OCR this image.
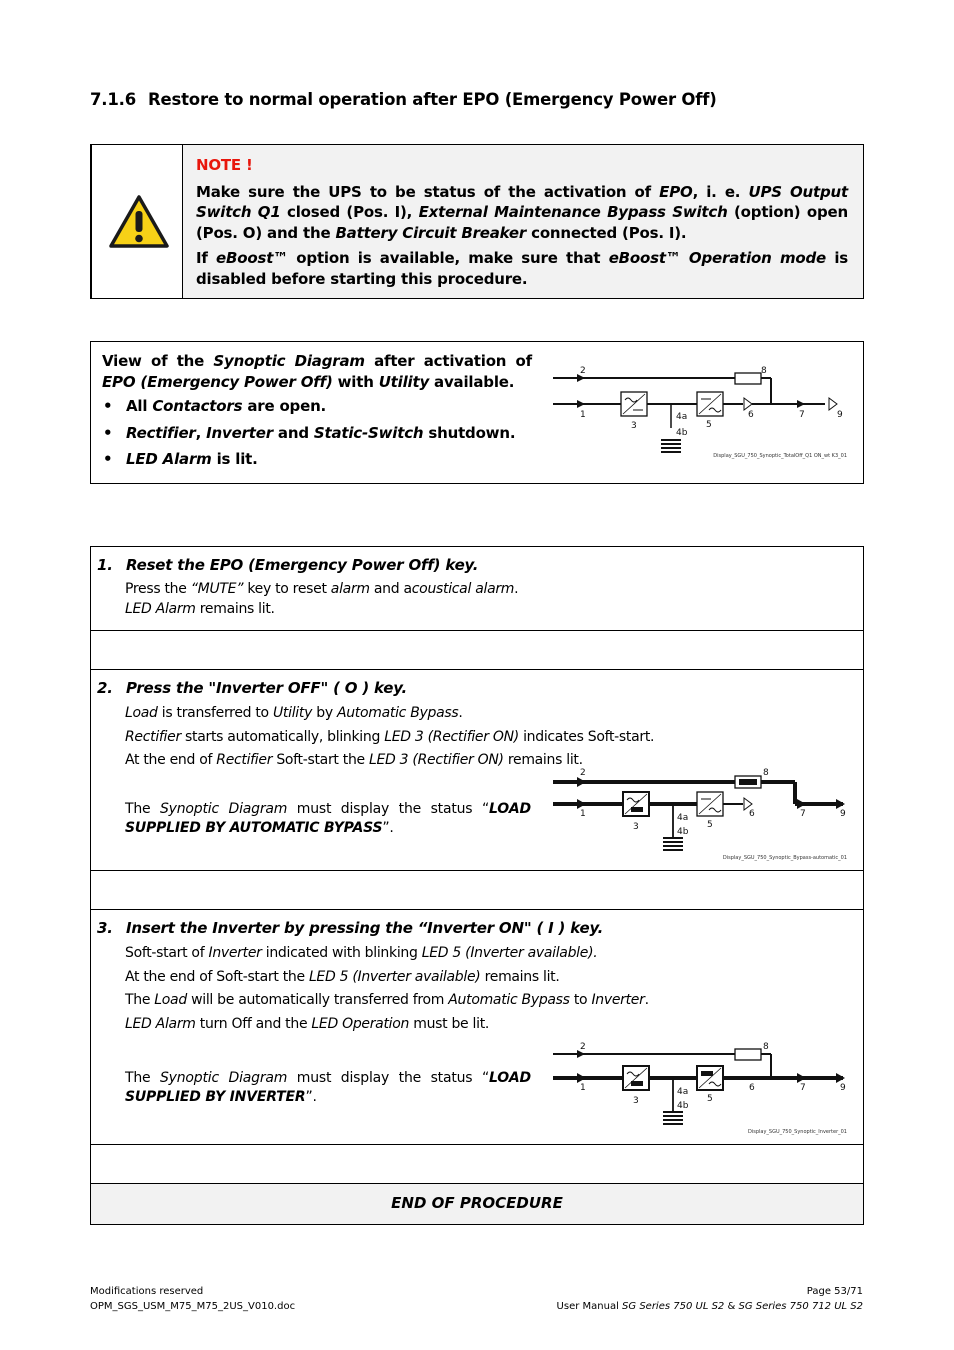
7.1.6 Restore to normal operation after EPO (Emergency Power Off)
NOTE !

Make sure the UPS to be status of the activation of EPO, i. e. UPS Output Switch Q1 closed (Pos. I), External Maintenance Bypass Switch (option) open (Pos. O) and the Battery Circuit Breaker connected (Pos. I).

If eBoost™ option is available, make sure that eBoost™ Operation mode is disabled before starting this procedure.

View of the Synoptic Diagram after activation of EPO (Emergency Power Off) with Utility available.

• All Contactors are open.
• Rectifier, Inverter and Static-Switch shutdown.
• LED Alarm is lit.
2	8
1	6	7	9
3
4a
4b
5
Display_SGU_750_Synoptic_TotalOff_Q1 ON_wt K3_01
1. Reset the EPO (Emergency Power Off) key.
Press the “MUTE” key to reset alarm and acoustical alarm.
LED Alarm remains lit.
2. Press the "Inverter OFF" ( O ) key.
Load is transferred to Utility by Automatic Bypass.
Rectifier starts automatically, blinking LED 3 (Rectifier ON) indicates Soft-start.
At the end of Rectifier Soft-start the LED 3 (Rectifier ON) remains lit.
The Synoptic Diagram must display the status “LOAD SUPPLIED BY AUTOMATIC BYPASS”.
2	8
1	6	7	9
3
4a
4b
5
Display_SGU_750_Synoptic_Bypass-automatic_01
3. Insert the Inverter by pressing the “Inverter ON" ( I ) key.
Soft-start of Inverter indicated with blinking LED 5 (Inverter available).
At the end of Soft-start the LED 5 (Inverter available) remains lit.
The Load will be automatically transferred from Automatic Bypass to Inverter.
LED Alarm turn Off and the LED Operation must be lit.
The Synoptic Diagram must display the status “LOAD SUPPLIED BY INVERTER”.
2	8
1	6	7	9
3
4a
4b
5
Display_SGU_750_Synoptic_Inverter_01
END OF PROCEDURE
Modifications reserved
OPM_SGS_USM_M75_M75_2US_V010.doc
Page 53/71
User Manual SG Series 750 UL S2 & SG Series 750 712 UL S2
